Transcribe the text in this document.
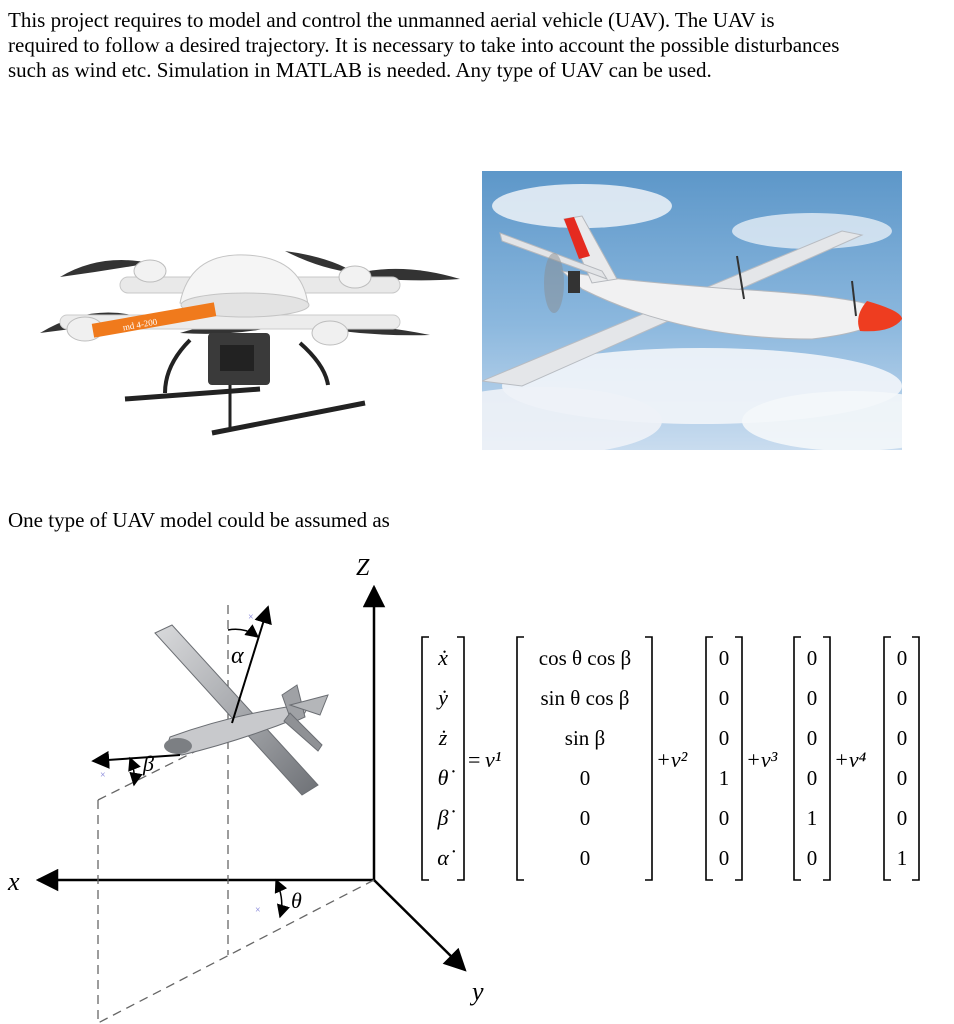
This project requires to model and control the unmanned aerial vehicle (UAV). The UAV is
required to follow a desired trajectory. It is necessary to take into account the possible disturbances
such as wind etc. Simulation in MATLAB is needed. Any type of UAV can be used.
md 4-200
One type of UAV model could be assumed as
Z
x
y
α
β
θ
×
×
×
ẋ
ẏ
ż
θ̇
β̇
α̇
= v¹
cos θ cos β
sin θ cos β
sin β
0
0
0
+v²
0
0
0
1
0
0
+v³
0
0
0
0
1
0
+v⁴
0
0
0
0
0
1
